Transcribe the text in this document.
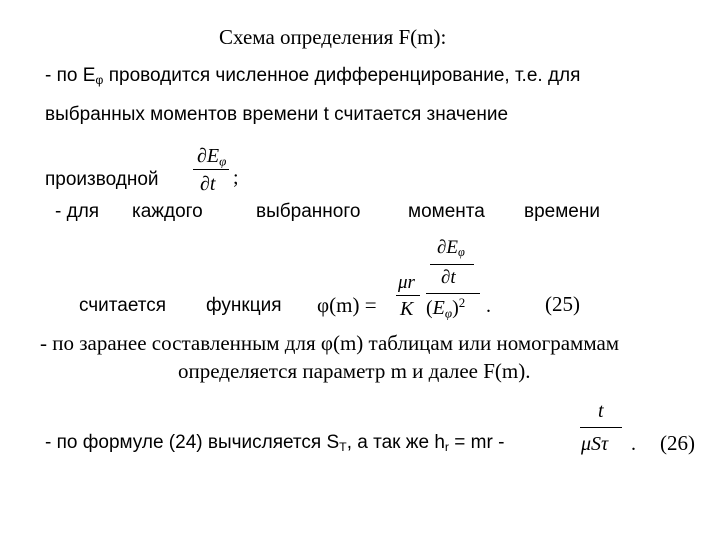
Схема определения F(m):
- по $E_\varphi$ проводится численное дифференцирование, т.е. для
выбранных моментов времени t считается значение
производной
$\partial E_\varphi$
∂t ;
- для каждого	выбранного	момента времени
считается функция φ(m) =
μr
K
$\partial E_\varphi$
∂t
$(E_\varphi)^2$ .	(25)
- по заранее составленным для φ(m) таблицам или номограммам
определяется параметр m и далее F(m).
- по формуле (24) вычисляется $S_T$, а так же $h_r$ = mr -
t
μSτ . (26)
